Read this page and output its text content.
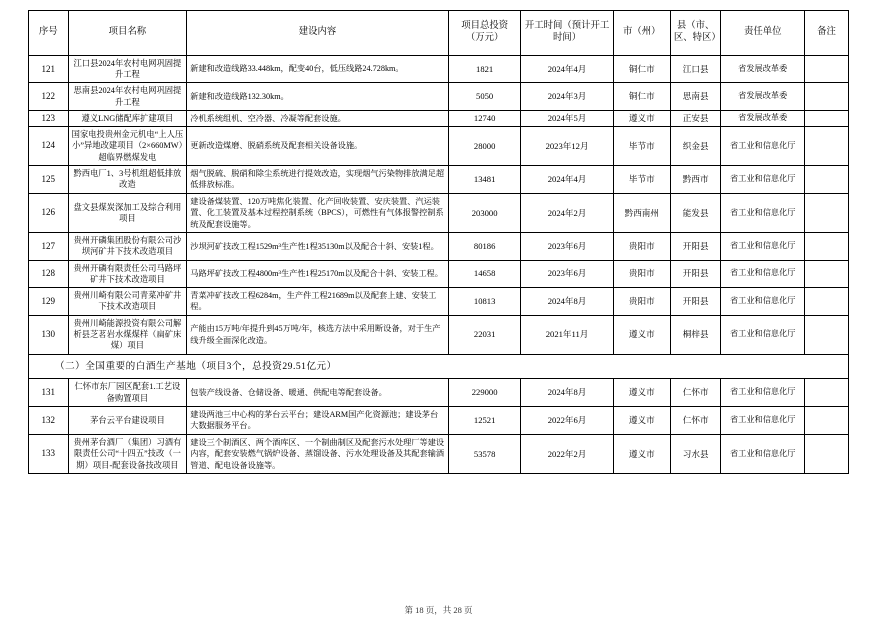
序号	项目名称	建设内容	项目总投资（万元）	开工时间（预计开工时间）	市（州）	县（市、区、特区）	责任单位	备注
121	江口县2024年农村电网巩固提升工程	新建和改造线路33.448km，配变40台，低压线路24.728km。	1821	2024年4月	铜仁市	江口县	省发展改革委	
122	思南县2024年农村电网巩固提升工程	新建和改造线路132.30km。	5050	2024年3月	铜仁市	思南县	省发展改革委	
123	遵义LNG储配库扩建项目	冷机系统组机、空冷器、冷凝等配套设施。	12740	2024年5月	遵义市	正安县	省发展改革委	
124	国家电投贵州金元机电“上人压小”异地改建项目（2×660MW）超临界燃煤发电	更新改造煤磨、脱硝系统及配套相关设备设施。	28000	2023年12月	毕节市	织金县	省工业和信息化厅	
125	黔西电厂1、3号机组超低排放改造	烟气脱硫、脱硝和除尘系统进行提效改造，实现烟气污染物排放满足超低排放标准。	13481	2024年4月	毕节市	黔西市	省工业和信息化厅	
126	盘文县煤炭深加工及综合利用项目	建设备煤装置、120万吨焦化装置、化产回收装置、安庆装置、汽运装置、化工装置及基本过程控制系统（BPCS），可燃性有气体报警控制系统及配套设施等。	203000	2024年2月	黔西南州	能发县	省工业和信息化厅	
127	贵州开磷集团股份有限公司沙坝河矿井下技术改造项目	沙坝河矿技改工程1529m³生产性1程35130m以及配合十斜、安装1程。	80186	2023年6月	贵阳市	开阳县	省工业和信息化厅	
128	贵州开磷有限责任公司马路坪矿井下技术改造项目	马路坪矿技改工程4800m³生产性1程25170m以及配合十斜、安装工程。	14658	2023年6月	贵阳市	开阳县	省工业和信息化厅	
129	贵州川崎有限公司青菜冲矿井下技术改造项目	青菜冲矿技改工程6284m，生产件工程21689m以及配套上建、安装工程。	10813	2024年8月	贵阳市	开阳县	省工业和信息化厅	
130	贵州川崎能源投资有限公司解析县芝茗岩水煤煤样（扁矿床煤）项目	产能由15万吨/年提升到45万吨/年，核选方法中采用断设备，对于生产线升级全面深化改造。	22031	2021年11月	遵义市	桐梓县	省工业和信息化厅	
（二）全国重要的白酒生产基地（项目3个，总投资29.51亿元）								
131	仁怀市东厂园区配套1.工艺设备购置项目	包装产线设备、仓储设备、暖通、供配电等配套设备。	229000	2024年8月	遵义市	仁怀市	省工业和信息化厅	
132	茅台云平台建设项目	建设两池三中心构的茅台云平台；建设ARM国产化资源池；建设茅台大数据服务平台。	12521	2022年6月	遵义市	仁怀市	省工业和信息化厅	
133	贵州茅台酒厂（集团）习酒有限责任公司“十四五”技改（一期）项目-配套设备技改项目	建设三个制酒区、两个酒库区、一个制曲制区及配套污水处理厂等建设内容，配套安装燃气锅炉设备、蒸馏设备、污水处理设备及其配套输酒管道、配电设备设施等。	53578	2022年2月	遵义市	习水县	省工业和信息化厅	
第 18 页，共 28 页
